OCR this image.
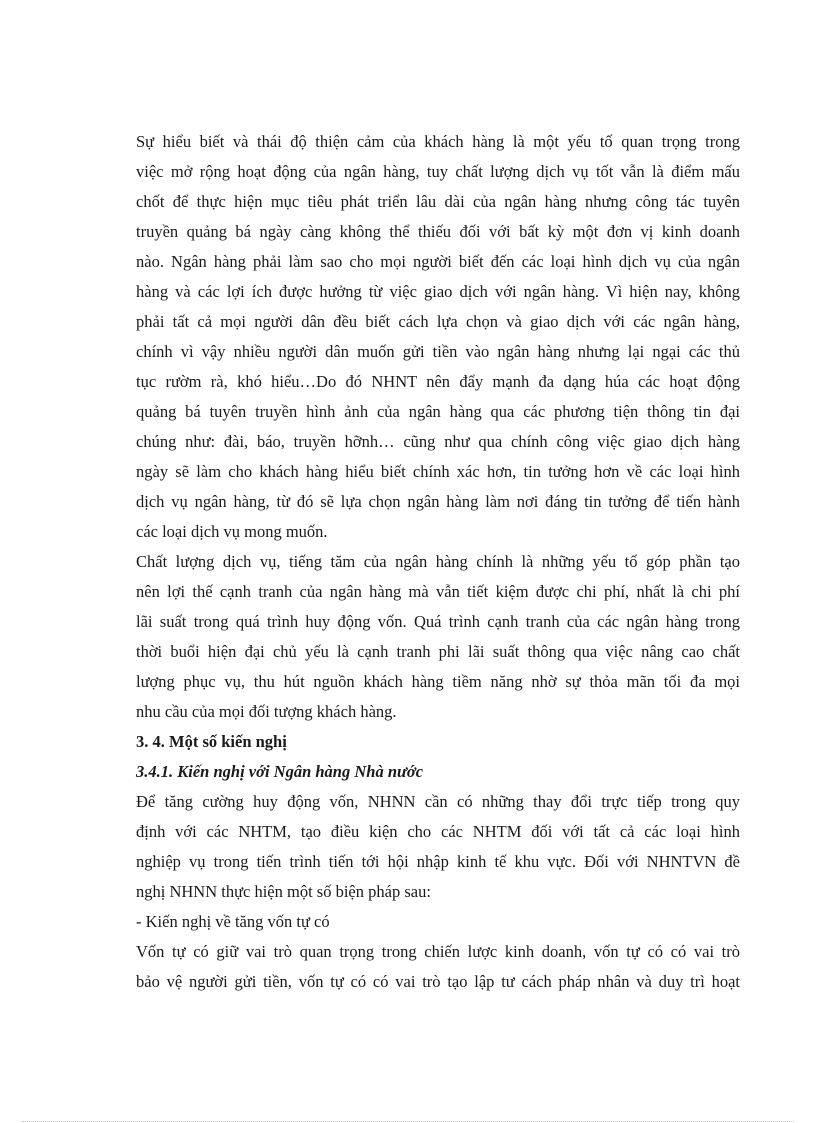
Sự hiểu biết và thái độ thiện cảm của khách hàng là một yếu tố quan trọng trong
việc mở rộng hoạt động của ngân hàng, tuy chất lượng dịch vụ tốt vẫn là điểm mấu
chốt để thực hiện mục tiêu phát triển lâu dài của ngân hàng nhưng công tác tuyên
truyền quảng bá ngày càng không thể thiếu đối với bất kỳ một đơn vị kinh doanh
nào. Ngân hàng phải làm sao cho mọi người biết đến các loại hình dịch vụ của ngân
hàng và các lợi ích được hưởng từ việc giao dịch với ngân hàng. Vì hiện nay, không
phải tất cả mọi người dân đều biết cách lựa chọn và giao dịch với các ngân hàng,
chính vì vậy nhiều người dân muốn gửi tiền vào ngân hàng nhưng lại ngại các thủ
tục rườm rà, khó hiểu…Do đó NHNT nên đẩy mạnh đa dạng húa các hoạt động
quảng bá tuyên truyền hình ảnh của ngân hàng qua các phương tiện thông tin đại
chúng như: đài, báo, truyền hỡnh… cũng như qua chính công việc giao dịch hàng
ngày sẽ làm cho khách hàng hiểu biết chính xác hơn, tin tưởng hơn về các loại hình
dịch vụ ngân hàng, từ đó sẽ lựa chọn ngân hàng làm nơi đáng tin tưởng để tiến hành
các loại dịch vụ mong muốn.
Chất lượng dịch vụ, tiếng tăm của ngân hàng chính là những yếu tố góp phần tạo
nên lợi thế cạnh tranh của ngân hàng mà vẫn tiết kiệm được chi phí, nhất là chi phí
lãi suất trong quá trình huy động vốn. Quá trình cạnh tranh của các ngân hàng trong
thời buổi hiện đại chủ yếu là cạnh tranh phi lãi suất thông qua việc nâng cao chất
lượng phục vụ, thu hút nguồn khách hàng tiềm năng nhờ sự thỏa mãn tối đa mọi
nhu cầu của mọi đối tượng khách hàng.
3. 4. Một số kiến nghị
3.4.1. Kiến nghị với Ngân hàng Nhà nước
Để tăng cường huy động vốn, NHNN cần có những thay đổi trực tiếp trong quy
định với các NHTM, tạo điều kiện cho các NHTM đối với tất cả các loại hình
nghiệp vụ trong tiến trình tiến tới hội nhập kinh tế khu vực. Đối với NHNTVN đề
nghị NHNN thực hiện một số biện pháp sau:
- Kiến nghị về tăng vốn tự có
Vốn tự có giữ vai trò quan trọng trong chiến lược kinh doanh, vốn tự có có vai trò
bảo vệ người gửi tiền, vốn tự có có vai trò tạo lập tư cách pháp nhân và duy trì hoạt
